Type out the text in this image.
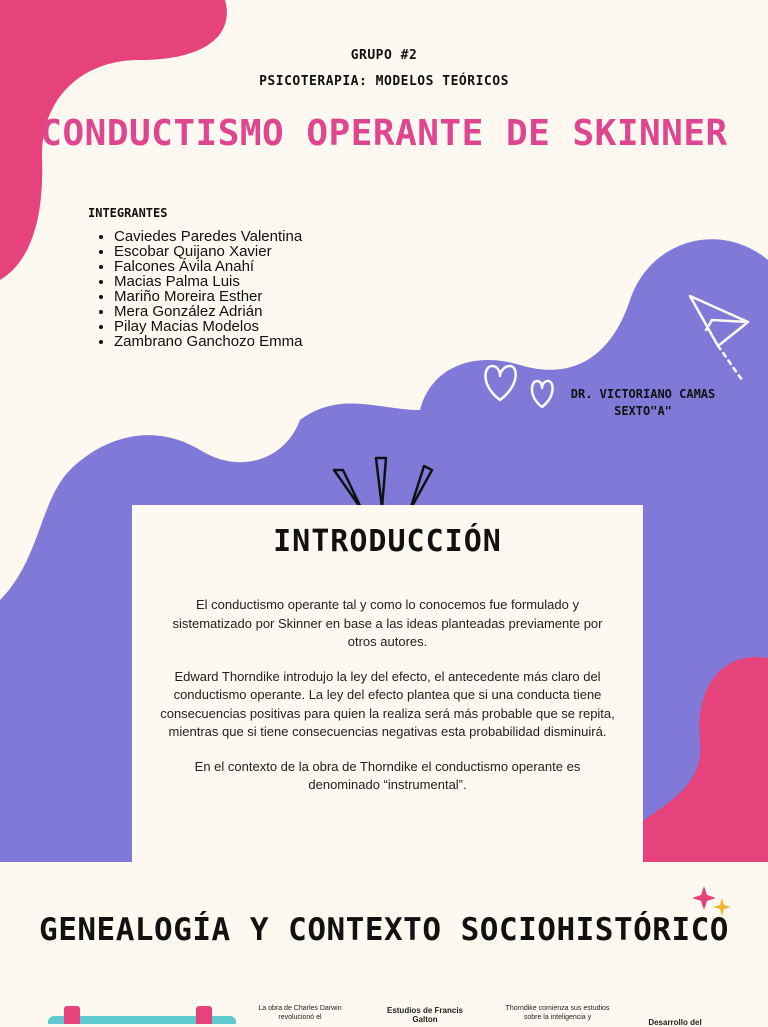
GRUPO #2
PSICOTERAPIA: MODELOS TEÓRICOS
CONDUCTISMO OPERANTE DE SKINNER
INTEGRANTES
• Caviedes Paredes Valentina
• Escobar Quijano Xavier
• Falcones Ávila Anahí
• Macias Palma Luis
• Mariño Moreira Esther
• Mera González Adrián
• Pilay Macias Modelos
• Zambrano Ganchozo Emma
DR. VICTORIANO CAMAS
SEXTO"A"
INTRODUCCIÓN

El conductismo operante tal y como lo conocemos fue formulado y sistematizado por Skinner en base a las ideas planteadas previamente por otros autores.

Edward Thorndike introdujo la ley del efecto, el antecedente más claro del conductismo operante. La ley del efecto plantea que si una conducta tiene consecuencias positivas para quien la realiza será más probable que se repita, mientras que si tiene consecuencias negativas esta probabilidad disminuirá.

En el contexto de la obra de Thorndike el conductismo operante es denominado “instrumental”.

GENEALOGÍA Y CONTEXTO SOCIOHISTÓRICO
La obra de Charles Darwin revolucionó el
Estudios de Francis Galton
Thorndike comienza sus estudios sobre la inteligencia y
Desarrollo del
